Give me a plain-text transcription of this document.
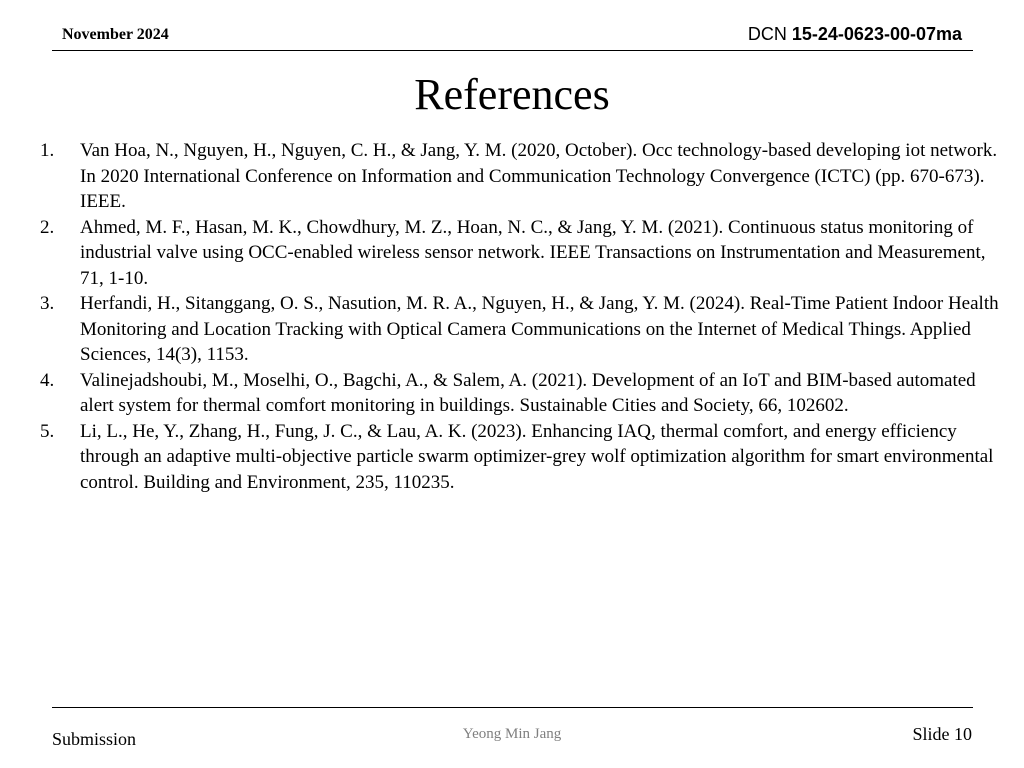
November 2024	DCN 15-24-0623-00-07ma
References
1.	Van Hoa, N., Nguyen, H., Nguyen, C. H., & Jang, Y. M. (2020, October). Occ technology-based developing iot network. In 2020 International Conference on Information and Communication Technology Convergence (ICTC) (pp. 670-673). IEEE.
2.	Ahmed, M. F., Hasan, M. K., Chowdhury, M. Z., Hoan, N. C., & Jang, Y. M. (2021). Continuous status monitoring of industrial valve using OCC-enabled wireless sensor network. IEEE Transactions on Instrumentation and Measurement, 71, 1-10.
3.	Herfandi, H., Sitanggang, O. S., Nasution, M. R. A., Nguyen, H., & Jang, Y. M. (2024). Real-Time Patient Indoor Health Monitoring and Location Tracking with Optical Camera Communications on the Internet of Medical Things. Applied Sciences, 14(3), 1153.
4.	Valinejadshoubi, M., Moselhi, O., Bagchi, A., & Salem, A. (2021). Development of an IoT and BIM-based automated alert system for thermal comfort monitoring in buildings. Sustainable Cities and Society, 66, 102602.
5.	Li, L., He, Y., Zhang, H., Fung, J. C., & Lau, A. K. (2023). Enhancing IAQ, thermal comfort, and energy efficiency through an adaptive multi-objective particle swarm optimizer-grey wolf optimization algorithm for smart environmental control. Building and Environment, 235, 110235.
Submission	Yeong Min Jang	Slide 10
